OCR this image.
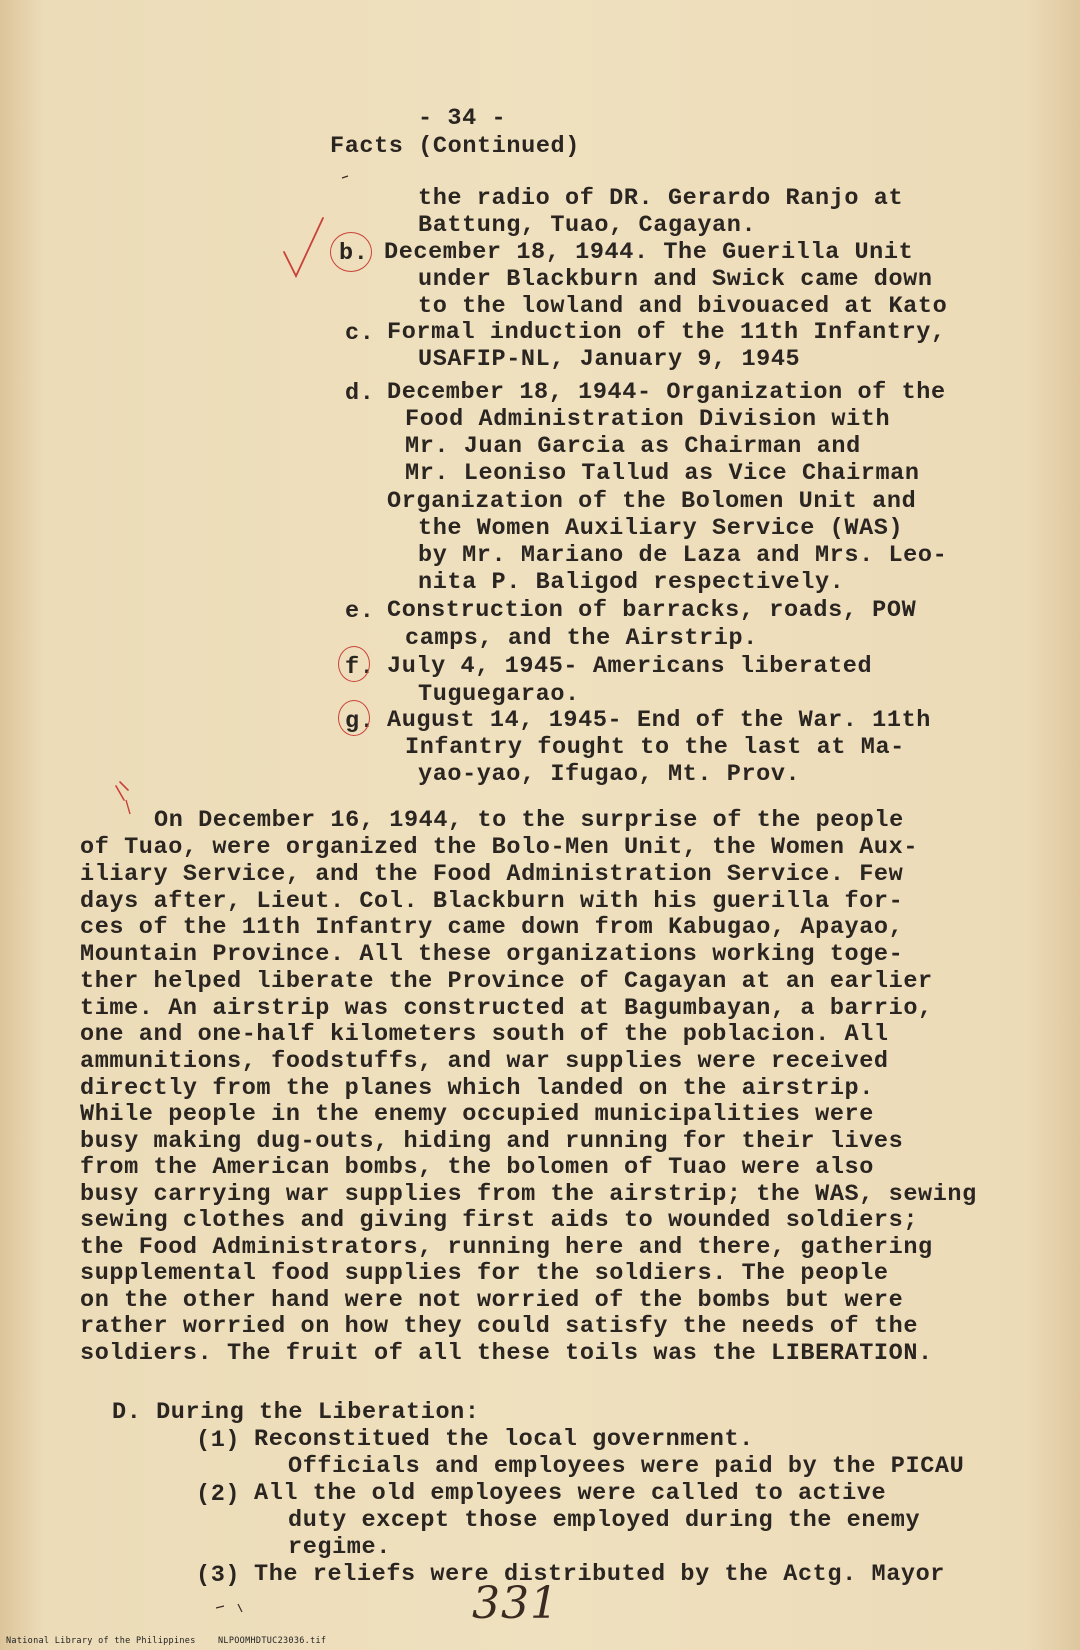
- 34 -
Facts (Continued)
the radio of DR. Gerardo Ranjo at
Battung, Tuao, Cagayan.
b. December 18, 1944. The Guerilla Unit
under Blackburn and Swick came down
to the lowland and bivouaced at Kato
c. Formal induction of the 11th Infantry,
USAFIP-NL, January 9, 1945
d. December 18, 1944- Organization of the
Food Administration Division with
Mr. Juan Garcia as Chairman and
Mr. Leoniso Tallud as Vice Chairman
Organization of the Bolomen Unit and
the Women Auxiliary Service (WAS)
by Mr. Mariano de Laza and Mrs. Leo-
nita P. Baligod respectively.
e. Construction of barracks, roads, POW
camps, and the Airstrip.
f. July 4, 1945- Americans liberated
Tuguegarao.
g. August 14, 1945- End of the War. 11th
Infantry fought to the last at Ma-
yao-yao, Ifugao, Mt. Prov.
On December 16, 1944, to the surprise of the people
of Tuao, were organized the Bolo-Men Unit, the Women Aux-
iliary Service, and the Food Administration Service. Few
days after, Lieut. Col. Blackburn with his guerilla for-
ces of the 11th Infantry came down from Kabugao, Apayao,
Mountain Province. All these organizations working toge-
ther helped liberate the Province of Cagayan at an earlier
time. An airstrip was constructed at Bagumbayan, a barrio,
one and one-half kilometers south of the poblacion. All
ammunitions, foodstuffs, and war supplies were received
directly from the planes which landed on the airstrip.
While people in the enemy occupied municipalities were
busy making dug-outs, hiding and running for their lives
from the American bombs, the bolomen of Tuao were also
busy carrying war supplies from the airstrip; the WAS, sewing
sewing clothes and giving first aids to wounded soldiers;
the Food Administrators, running here and there, gathering
supplemental food supplies for the soldiers. The people
on the other hand were not worried of the bombs but were
rather worried on how they could satisfy the needs of the
soldiers. The fruit of all these toils was the LIBERATION.
D. During the Liberation:
(1) Reconstitued the local government.
Officials and employees were paid by the PICAU
(2) All the old employees were called to active
duty except those employed during the enemy
regime.
(3) The reliefs were distributed by the Actg. Mayor
331
National Library of the Philippines	NLPOOMHDTUC23036.tif
